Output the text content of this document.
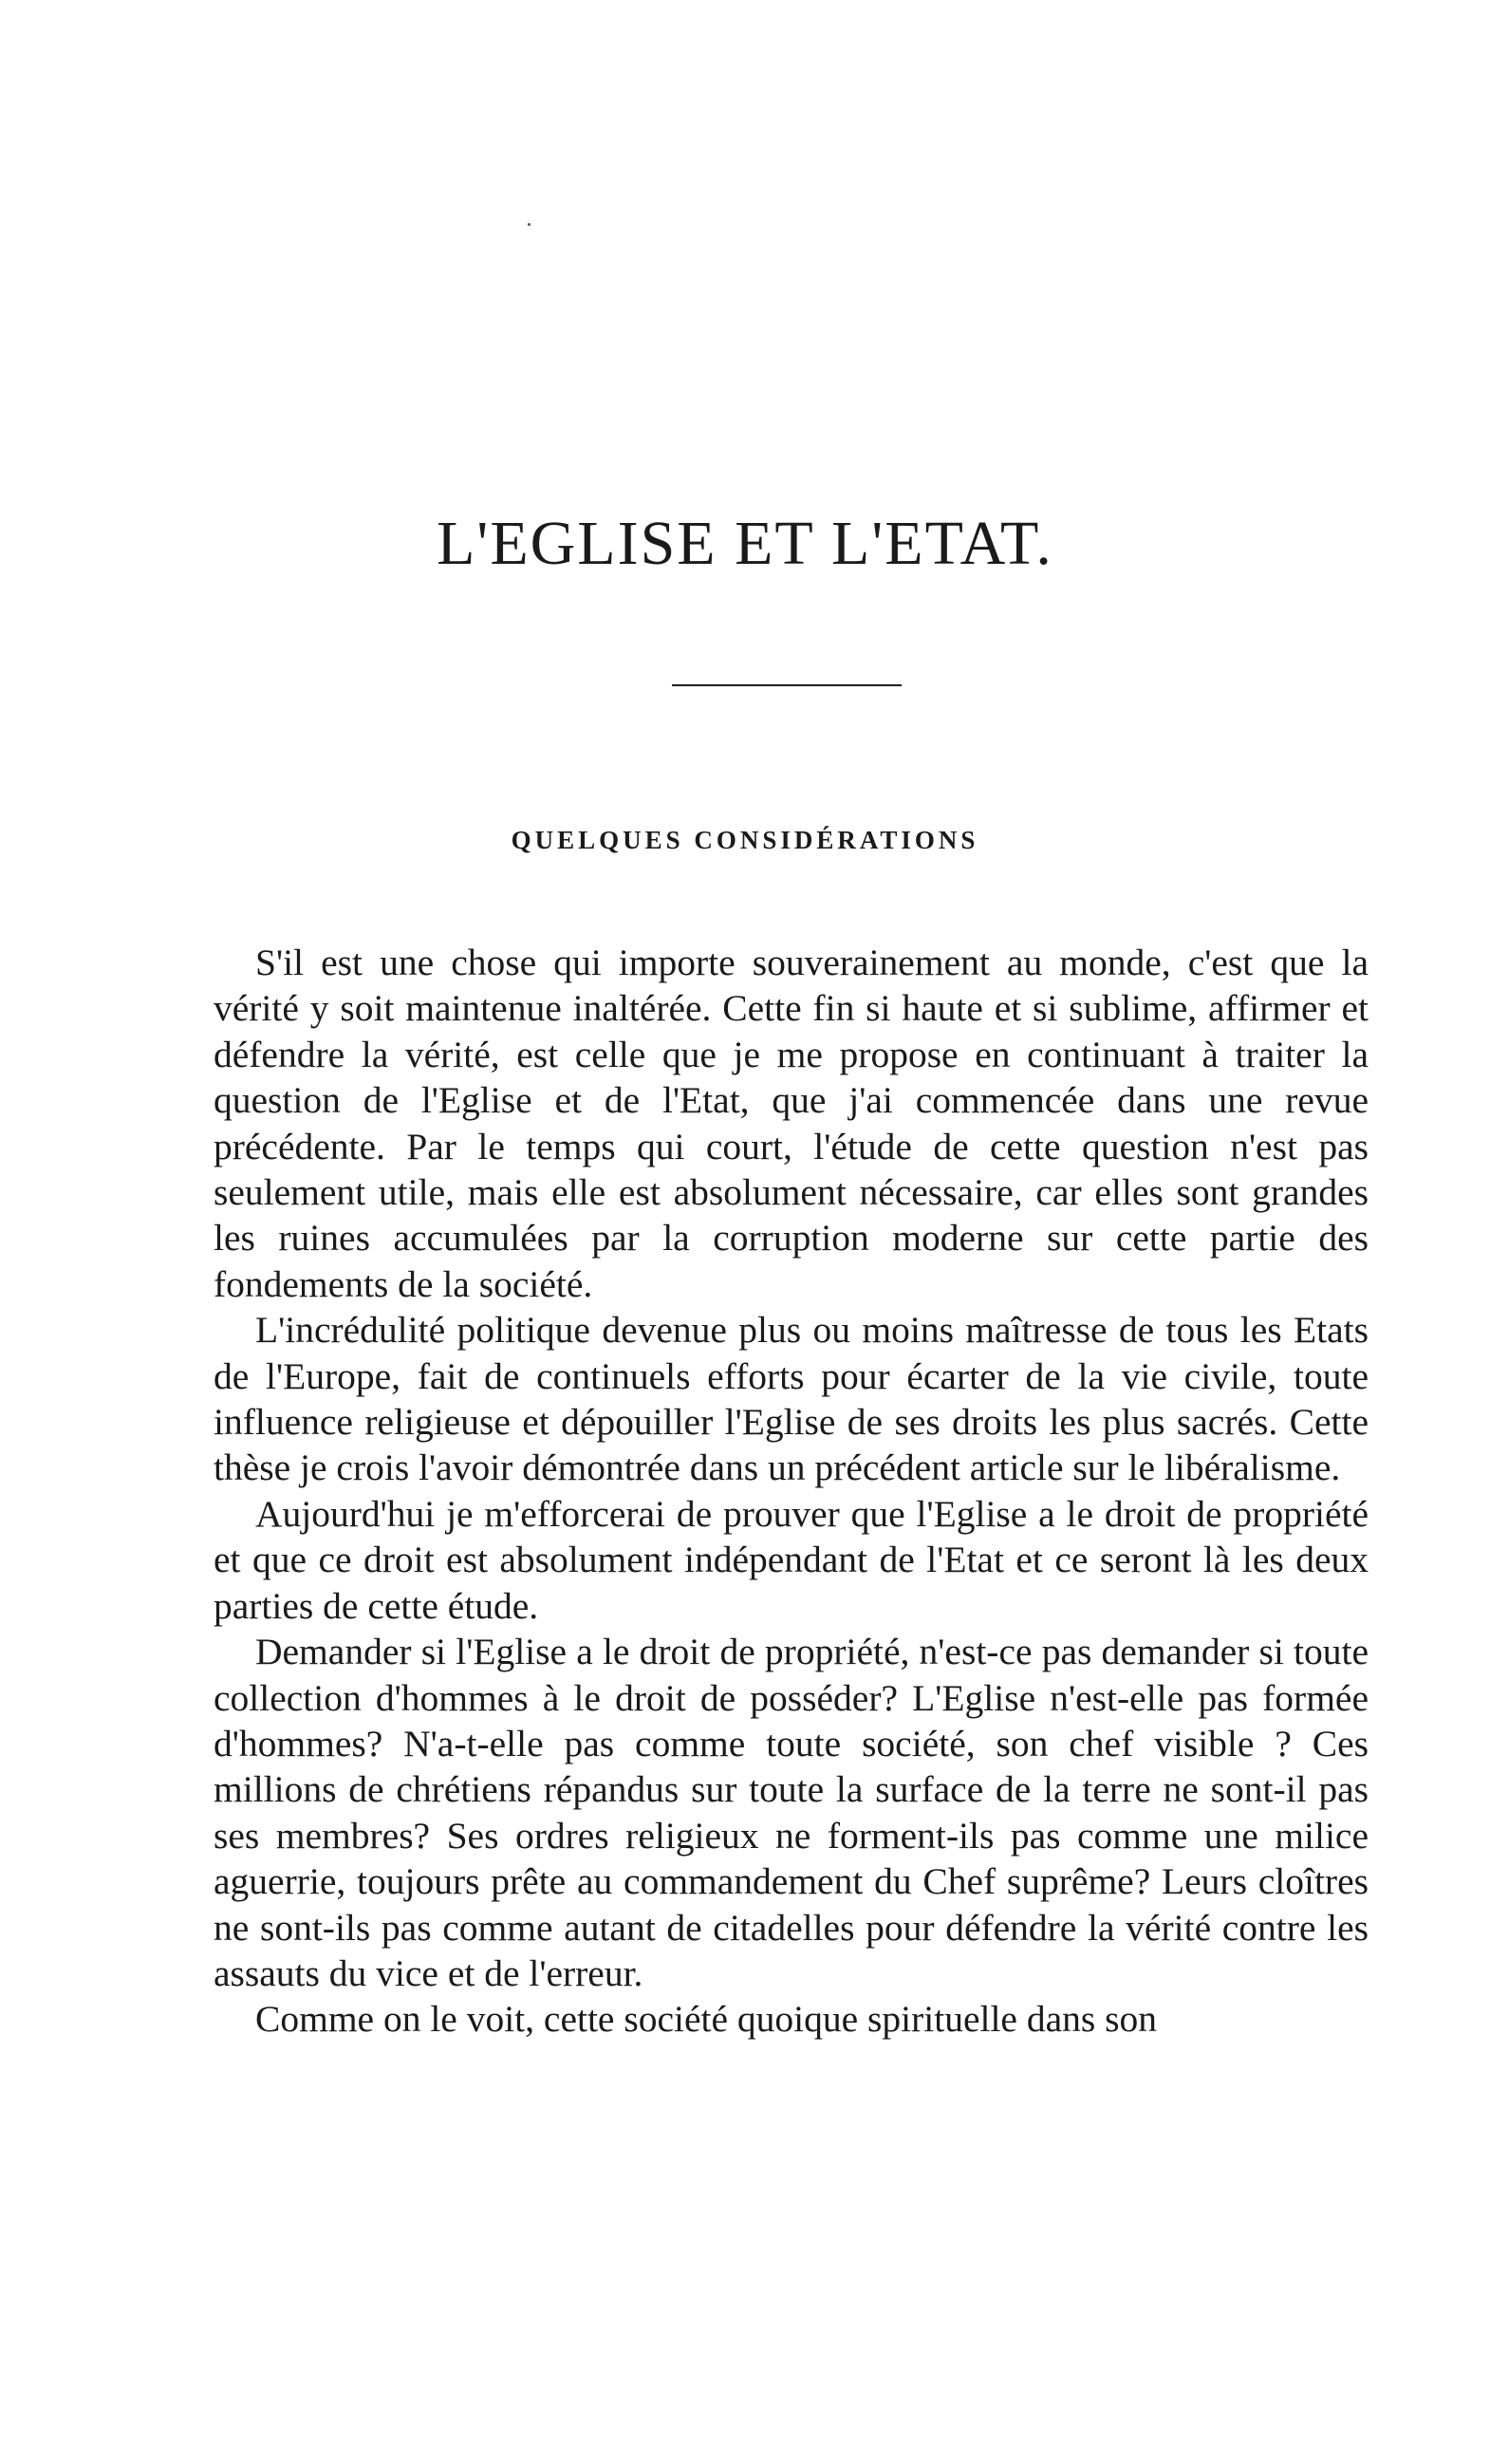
L'EGLISE ET L'ETAT.
QUELQUES CONSIDÉRATIONS

S'il est une chose qui importe souverainement au monde, c'est que la vérité y soit maintenue inaltérée. Cette fin si haute et si sublime, affirmer et défendre la vérité, est celle que je me propose en continuant à traiter la question de l'Eglise et de l'Etat, que j'ai commencée dans une revue précédente. Par le temps qui court, l'étude de cette question n'est pas seulement utile, mais elle est absolument nécessaire, car elles sont grandes les ruines accumulées par la corruption moderne sur cette partie des fondements de la société.

L'incrédulité politique devenue plus ou moins maîtresse de tous les Etats de l'Europe, fait de continuels efforts pour écarter de la vie civile, toute influence religieuse et dépouiller l'Eglise de ses droits les plus sacrés. Cette thèse je crois l'avoir démontrée dans un précédent article sur le libéralisme.

Aujourd'hui je m'efforcerai de prouver que l'Eglise a le droit de propriété et que ce droit est absolument indépendant de l'Etat et ce seront là les deux parties de cette étude.

Demander si l'Eglise a le droit de propriété, n'est-ce pas demander si toute collection d'hommes à le droit de posséder? L'Eglise n'est-elle pas formée d'hommes? N'a-t-elle pas comme toute société, son chef visible ? Ces millions de chrétiens répandus sur toute la surface de la terre ne sont-il pas ses membres? Ses ordres religieux ne forment-ils pas comme une milice aguerrie, toujours prête au commandement du Chef suprême? Leurs cloîtres ne sont-ils pas comme autant de citadelles pour défendre la vérité contre les assauts du vice et de l'erreur.

Comme on le voit, cette société quoique spirituelle dans son
